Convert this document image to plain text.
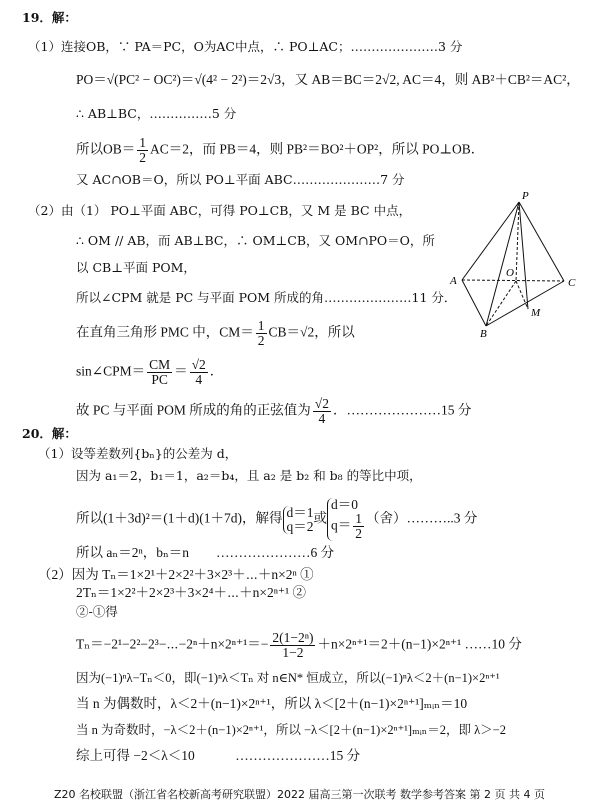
19．解：
（1）连接OB，∵ PA＝PC，O为AC中点，∴ PO⊥AC；…………………3 分
PO＝√(PC² − OC²)＝√(4² − 2²)＝2√3，又 AB＝BC＝2√2, AC＝4，则 AB²＋CB²＝AC²，
∴ AB⊥BC，……………5 分
所以$OB= \frac{1}{2} AC=2$，而 PB＝4，则 PB²＝BO²＋OP²，所以 PO⊥OB．
又 AC∩OB＝O，所以 PO⊥平面 ABC…………………7 分
（2）由（1） PO⊥平面 ABC，可得 PO⊥CB，又 M 是 BC 中点，
∴ OM // AB，而 AB⊥BC，∴ OM⊥CB，又 OM∩PO＝O，所
以 CB⊥平面 POM，
所以∠CPM 就是 PC 与平面 POM 所成的角…………………11 分．
在直角三角形 PMC 中，$CM= \frac{1}{2} CB=√2$，所以
sin∠CPM＝ $\frac{CM}{PC} = \frac{√2}{4}$ ．
故 PC 与平面 POM 所成的角的正弦值为 $\frac{√2}{4}$ ．…………………15 分
P
A
O
C
M
B
20．解：
（1）设等差数列{bₙ}的公差为 d，
因为 a₁＝2，b₁＝1，a₂＝b₄，且 a₂ 是 b₂ 和 b₈ 的等比中项，
所以(1＋3d)²＝(1＋d)(1＋7d)，解得 d＝1
q＝2
或
d＝0
$q= \frac{1}{2}$ （舍）………..3 分
所以 aₙ＝2ⁿ，bₙ＝n　　…………………6 分
（2）因为 Tₙ＝1×2¹＋2×2²＋3×2³＋⋯＋n×2ⁿ ①
2Tₙ＝1×2²＋2×2³＋3×2⁴＋⋯＋n×2ⁿ⁺¹ ②
②-①得
Tₙ＝−2¹−2²−2³−⋯−2ⁿ＋n×2ⁿ⁺¹＝− $\frac{\text{2(1−2ⁿ)}}{1-2} +n\times 2^{n+1}=2+(n-1)\times 2^{n+1}$ ……10 分
因为(−1)ⁿλ−Tₙ＜0，即(−1)ⁿλ＜Tₙ 对 n∈N* 恒成立，所以(−1)ⁿλ＜2＋(n−1)×2ⁿ⁺¹
当 n 为偶数时，λ＜2＋(n−1)×2ⁿ⁺¹，所以 λ＜[2＋(n−1)×2ⁿ⁺¹]ₘᵢₙ＝10
当 n 为奇数时，−λ＜2＋(n−1)×2ⁿ⁺¹，所以 −λ＜[2＋(n−1)×2ⁿ⁺¹]ₘᵢₙ＝2，即 λ＞−2
综上可得 −2＜λ＜10　　　…………………15 分
Z20 名校联盟（浙江省名校新高考研究联盟）2022 届高三第一次联考 数学参考答案 第 2 页 共 4 页
